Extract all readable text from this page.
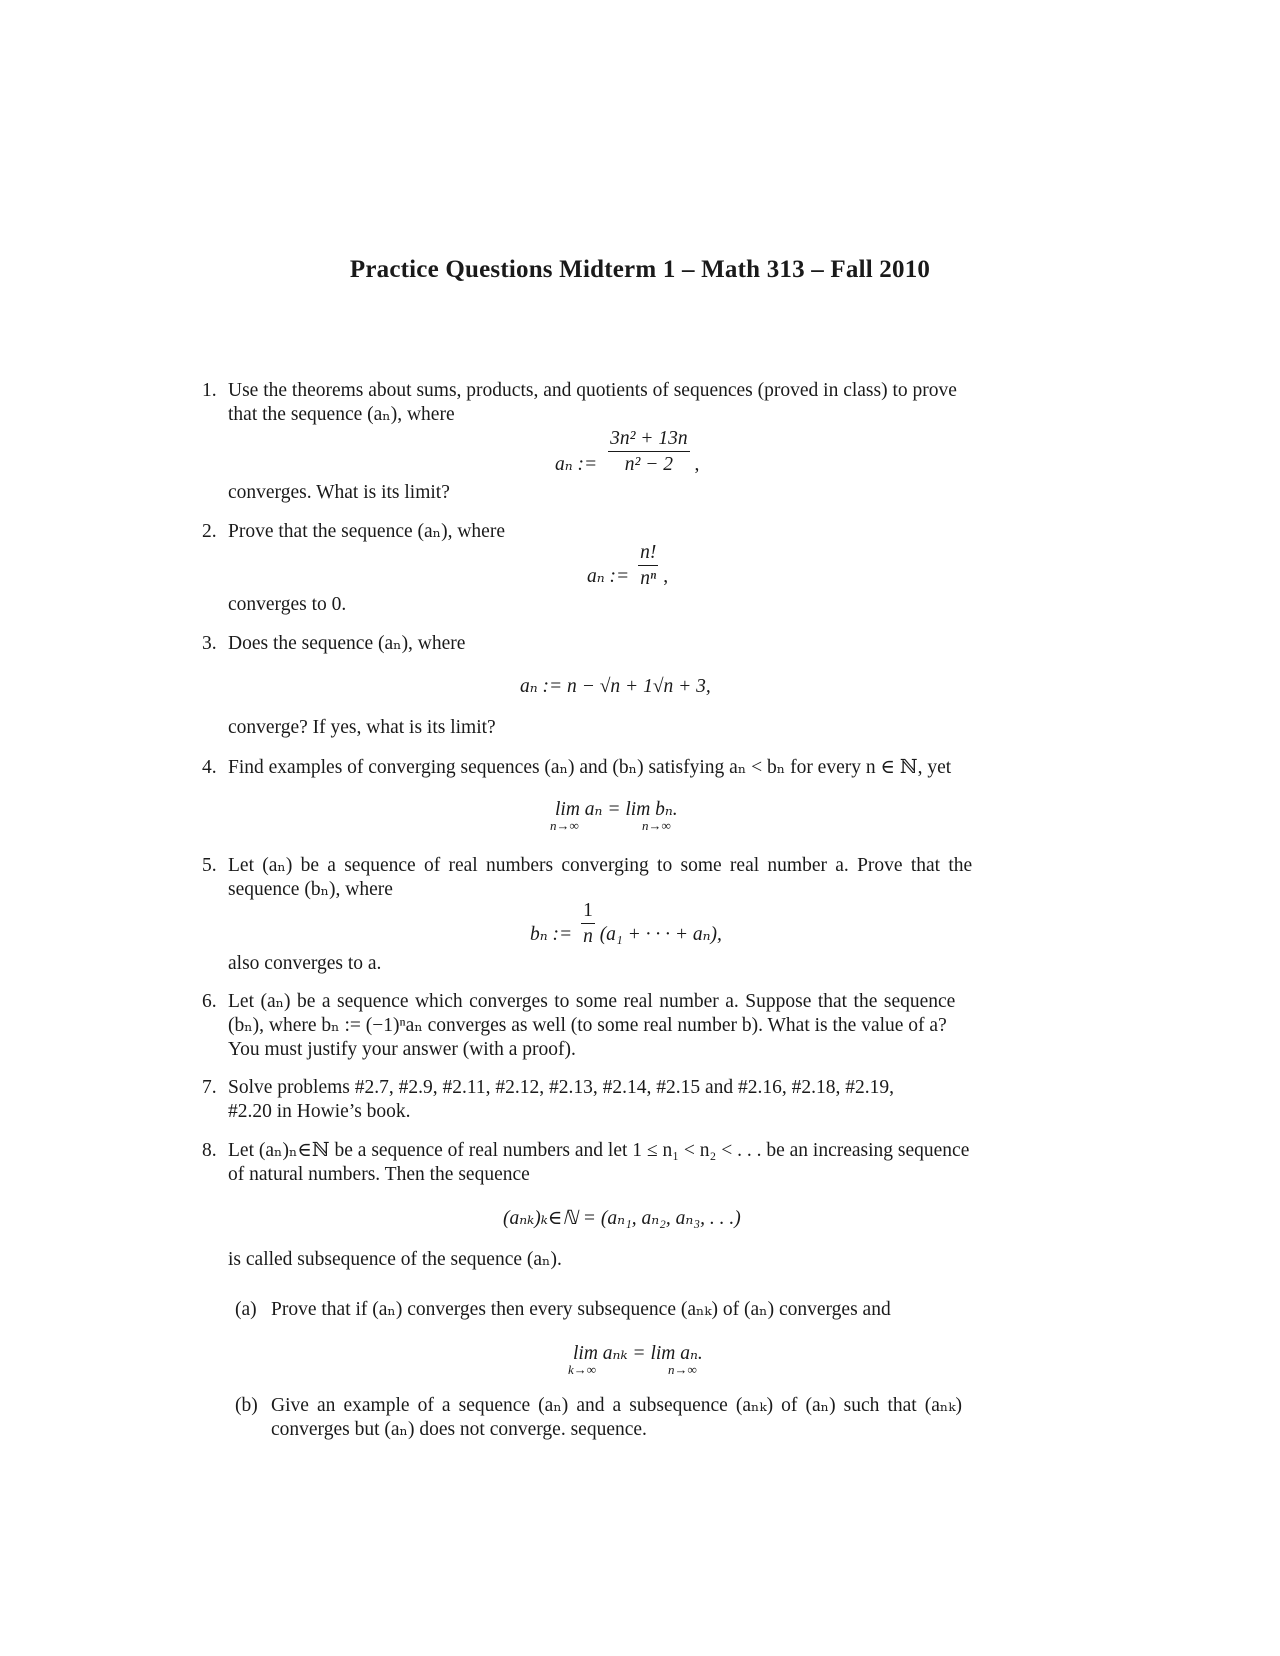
Practice Questions Midterm 1 – Math 313 – Fall 2010
1. Use the theorems about sums, products, and quotients of sequences (proved in class) to prove
that the sequence (aₙ), where
aₙ := $\frac{\text{3n² + 13n}}{\text{n² − 2}}$ ,
converges. What is its limit?
2. Prove that the sequence (aₙ), where
aₙ := $\frac{n!}{\text{nⁿ}}$ ,
converges to 0.
3. Does the sequence (aₙ), where
aₙ := n − √n + 1√n + 3,
converge? If yes, what is its limit?
4. Find examples of converging sequences (aₙ) and (bₙ) satisfying aₙ < bₙ for every n ∈ ℕ, yet
lim aₙ = lim bₙ.
n→∞	n→∞
5. Let (aₙ) be a sequence of real numbers converging to some real number a. Prove that the
sequence (bₙ), where
bₙ := $\frac{1}{n} (a_1$ + · · · + aₙ),
also converges to a.
6. Let (aₙ) be a sequence which converges to some real number a. Suppose that the sequence
(bₙ), where bₙ := (−1)ⁿaₙ converges as well (to some real number b). What is the value of a?
You must justify your answer (with a proof).
7. Solve problems #2.7, #2.9, #2.11, #2.12, #2.13, #2.14, #2.15 and #2.16, #2.18, #2.19,
#2.20 in Howie’s book.
8. Let (aₙ)ₙ∈ℕ be a sequence of real numbers and let 1 ≤ n₁ < n₂ < . . . be an increasing sequence
of natural numbers. Then the sequence
(aₙₖ)ₖ∈ℕ = (aₙ₁, aₙ₂, aₙ₃, . . .)
is called subsequence of the sequence (aₙ).
(a) Prove that if (aₙ) converges then every subsequence (aₙₖ) of (aₙ) converges and
lim aₙₖ = lim aₙ.
k→∞	n→∞
(b) Give an example of a sequence (aₙ) and a subsequence (aₙₖ) of (aₙ) such that (aₙₖ)
converges but (aₙ) does not converge. sequence.
